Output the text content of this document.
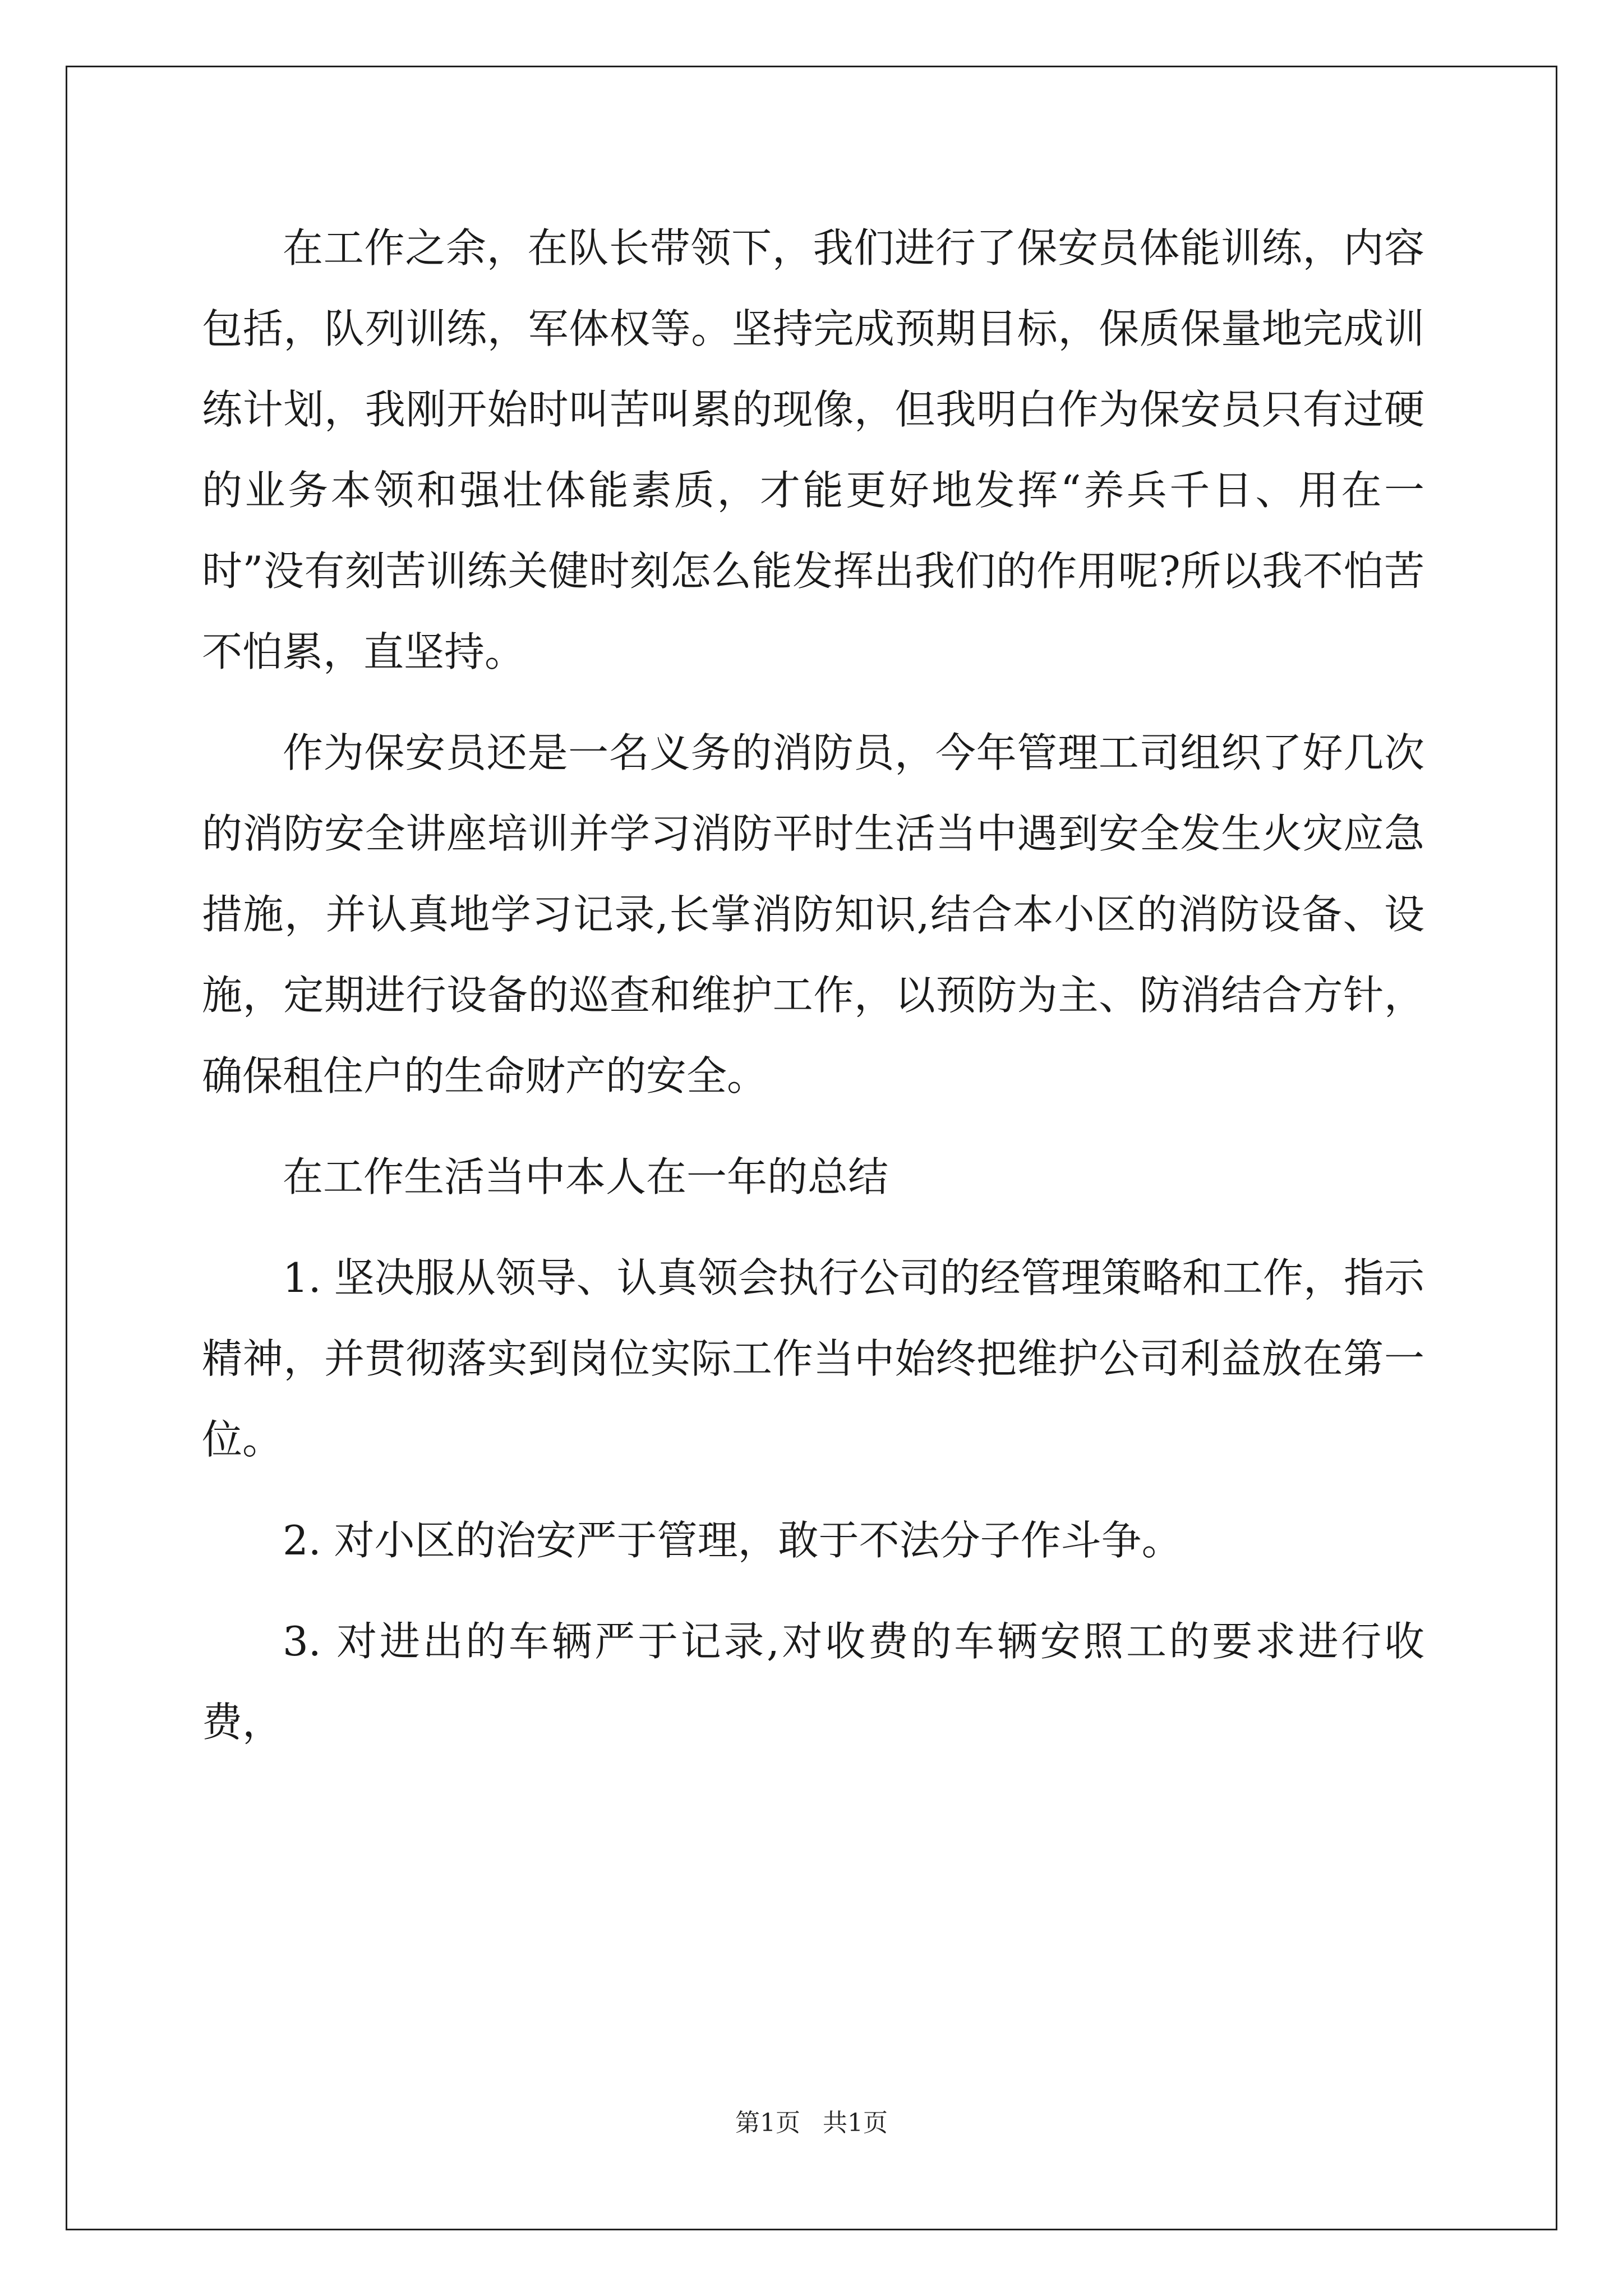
在工作之余，在队长带领下，我们进行了保安员体能训练，内容包括，队列训练，军体权等。坚持完成预期目标，保质保量地完成训练计划，我刚开始时叫苦叫累的现像，但我明白作为保安员只有过硬的业务本领和强壮体能素质，才能更好地发挥“养兵千日、用在一时”没有刻苦训练关健时刻怎么能发挥出我们的作用呢?所以我不怕苦不怕累，直坚持。

作为保安员还是一名义务的消防员，今年管理工司组织了好几次的消防安全讲座培训并学习消防平时生活当中遇到安全发生火灾应急措施，并认真地学习记录,长掌消防知识,结合本小区的消防设备、设施，定期进行设备的巡查和维护工作，以预防为主、防消结合方针，确保租住户的生命财产的安全。

在工作生活当中本人在一年的总结

1. 坚决服从领导、认真领会执行公司的经管理策略和工作，指示精神，并贯彻落实到岗位实际工作当中始终把维护公司利益放在第一位。

2. 对小区的治安严于管理，敢于不法分子作斗争。

3. 对进出的车辆严于记录,对收费的车辆安照工的要求进行收费，

第1页 共1页
